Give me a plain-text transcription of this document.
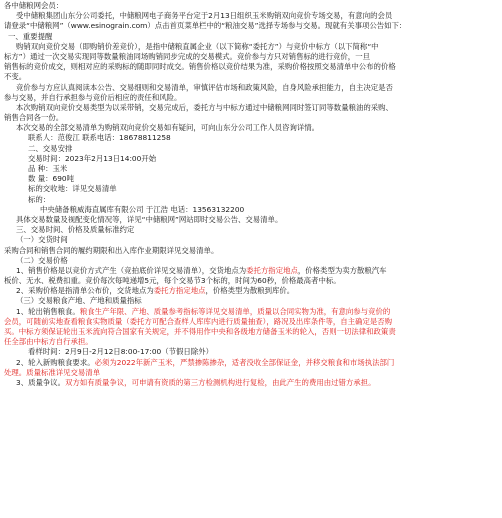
各中储粮网会员：
受中储粮集团山东分公司委托，中储粮网电子商务平台定于2月13日组织玉米购销双向竞价专场交易，有意向的会员
请登录“中储粮网”（www.esinograin.com）点击首页菜单栏中的“粮油交易”选择专场参与交易。现就有关事项公告如下：
一、重要提醒
购销双向竞价交易（即购销价差竞价），是指中储粮直属企业（以下简称“委托方”）与竞价中标方（以下简称“中
标方”）通过一次交易实现同等数量粮油同场购销同步完成的交易模式。竞价参与方只对销售标的进行竞价，一旦
销售标的竞价成交，则相对应的采购标的随即同时成交。销售价格以竞价结果为准，采购价格按照交易清单中公布的价格
不变。
竞价参与方应认真阅读本公告、交易细则和交易清单，审慎评估市场和政策风险，自身风险承担能力，自主决定是否
参与交易，并自行承担参与竞价后相应的责任和风险。
本次购销双向竞价交易类型为以采带销，交易完成后，委托方与中标方通过中储粮网同时签订同等数量粮油的采购、
销售合同各一份。
本次交易的全部交易清单为购销双向竞价交易如有疑问，可向山东分公司工作人员咨询详情。
联系人：范俊江 联系电话：18678811258
二、交易安排
交易时间：2023年2月13日14:00开始
品 种：玉米
数 量：690吨
标的交收地：详见交易清单
标的：
中央储备粮威海直属库有限公司 于江浩 电话：13563132200
具体交易数量及视配变化情况等，详见“中储粮网”网站即时交易公告、交易清单。
三、交易时间、价格及质量标准约定
（一）交货时间
采购合同和销售合同的履约期限和出入库作业期限详见交易清单。
（二）交易价格
1、销售价格是以竞价方式产生（竞拍底价详见交易清单），交货地点为委托方指定地点，价格类型为卖方散粮汽车
板价、无水、税费扣重。竞价每次每吨递增5元，每个交易节3个标的，时间为60秒，价格最高者中标。
2、采购价格是指清单公布价，交货地点为委托方指定地点，价格类型为散粮到库价。
（三）交易粮食产地、产地和质量指标
1、轮出销售粮食。粮食生产年限、产地、质量参考指标等详见交易清单，质量以合同实物为准，有意向参与竞价的
会员，可随前实地查看粮食实物质量（委托方可配合查样人库库内进行质量抽查），路况及出库条件等，自主确定是否购
买。中标方须保证轮出玉米流向符合国家有关规定，并不得用作中央和各级地方储备玉米的轮入，否则一切法律和政策责
任全部由中标方自行承担。
看样时间：2月9日-2月12日8:00-17:00（节假日除外）
2、轮入新购粮食要求。必须为2022年新产玉米，严禁掺陈掺杂，适者没收全部保证金，并移交粮食和市场执法部门
处理。质量标准详见交易清单
3、质量争议。双方如有质量争议，可申请有资质的第三方检测机构进行复检，由此产生的费用由过错方承担。
